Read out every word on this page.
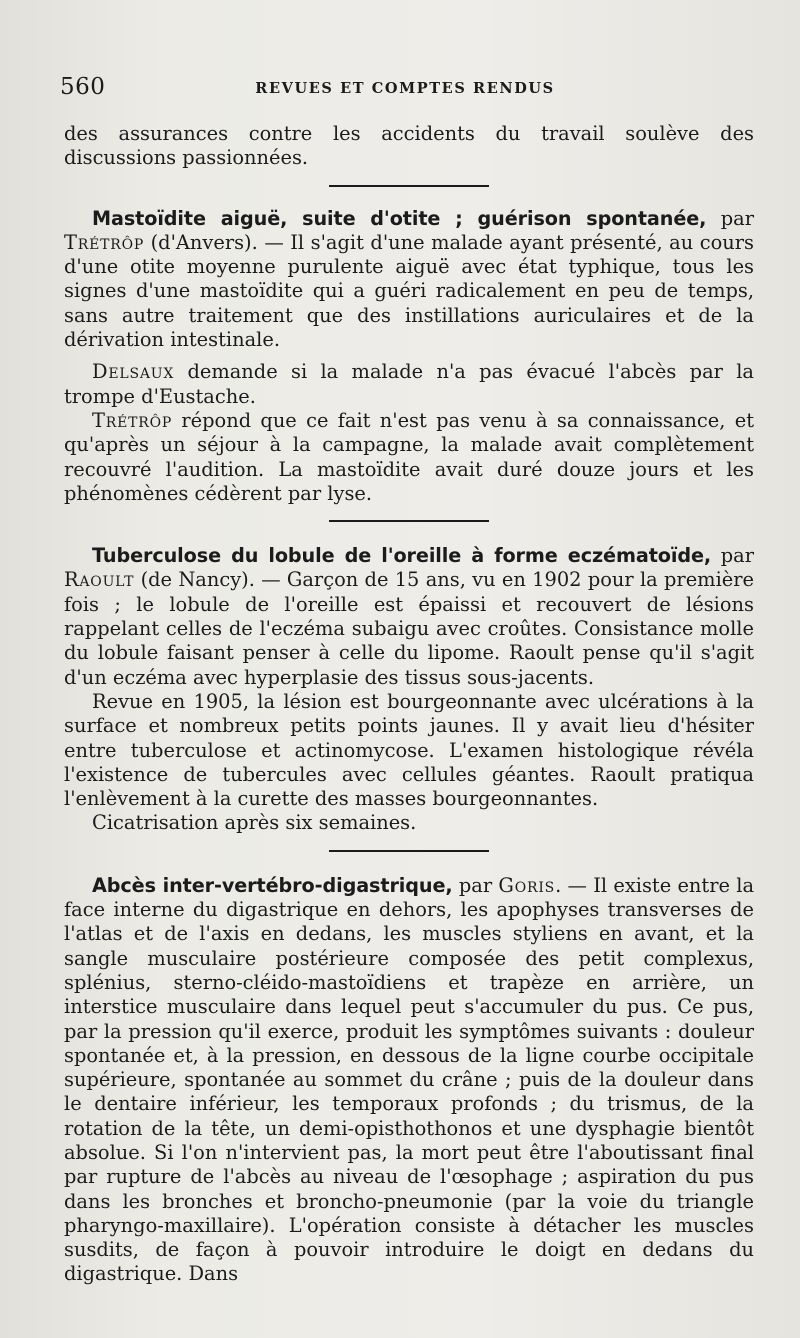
560	REVUES ET COMPTES RENDUS

des assurances contre les accidents du travail soulève des discussions passionnées.

Mastoïdite aiguë, suite d'otite ; guérison spontanée, par Trétrôp (d'Anvers). — Il s'agit d'une malade ayant présenté, au cours d'une otite moyenne purulente aiguë avec état typhique, tous les signes d'une mastoïdite qui a guéri radicalement en peu de temps, sans autre traitement que des instillations auriculaires et de la dérivation intestinale.

Delsaux demande si la malade n'a pas évacué l'abcès par la trompe d'Eustache.

Trétrôp répond que ce fait n'est pas venu à sa connaissance, et qu'après un séjour à la campagne, la malade avait complètement recouvré l'audition. La mastoïdite avait duré douze jours et les phénomènes cédèrent par lyse.

Tuberculose du lobule de l'oreille à forme eczématoïde, par Raoult (de Nancy). — Garçon de 15 ans, vu en 1902 pour la première fois ; le lobule de l'oreille est épaissi et recouvert de lésions rappelant celles de l'eczéma subaigu avec croûtes. Consistance molle du lobule faisant penser à celle du lipome. Raoult pense qu'il s'agit d'un eczéma avec hyperplasie des tissus sous-jacents.

Revue en 1905, la lésion est bourgeonnante avec ulcérations à la surface et nombreux petits points jaunes. Il y avait lieu d'hésiter entre tuberculose et actinomycose. L'examen histologique révéla l'existence de tubercules avec cellules géantes. Raoult pratiqua l'enlèvement à la curette des masses bourgeonnantes.

Cicatrisation après six semaines.

Abcès inter-vertébro-digastrique, par Goris. — Il existe entre la face interne du digastrique en dehors, les apophyses transverses de l'atlas et de l'axis en dedans, les muscles styliens en avant, et la sangle musculaire postérieure composée des petit complexus, splénius, sterno-cléido-mastoïdiens et trapèze en arrière, un interstice musculaire dans lequel peut s'accumuler du pus. Ce pus, par la pression qu'il exerce, produit les symptômes suivants : douleur spontanée et, à la pression, en dessous de la ligne courbe occipitale supérieure, spontanée au sommet du crâne ; puis de la douleur dans le dentaire inférieur, les temporaux profonds ; du trismus, de la rotation de la tête, un demi-opisthothonos et une dysphagie bientôt absolue. Si l'on n'intervient pas, la mort peut être l'aboutissant final par rupture de l'abcès au niveau de l'œsophage ; aspiration du pus dans les bronches et broncho-pneumonie (par la voie du triangle pharyngo-maxillaire). L'opération consiste à détacher les muscles susdits, de façon à pouvoir introduire le doigt en dedans du digastrique. Dans
